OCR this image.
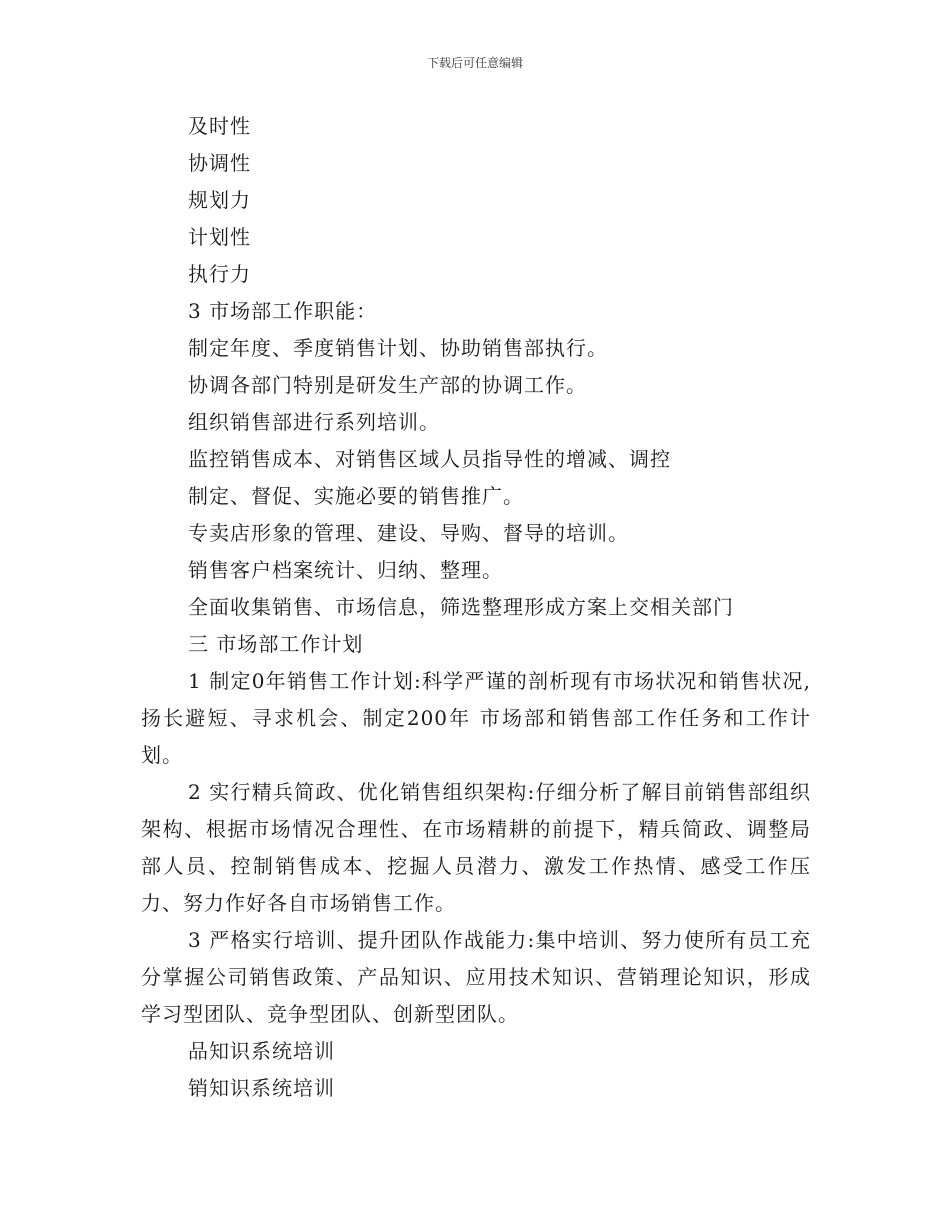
下载后可任意编辑

及时性

协调性

规划力

计划性

执行力

3 市场部工作职能：

制定年度、季度销售计划、协助销售部执行。

协调各部门特别是研发生产部的协调工作。

组织销售部进行系列培训。

监控销售成本、对销售区域人员指导性的增减、调控

制定、督促、实施必要的销售推广。

专卖店形象的管理、建设、导购、督导的培训。

销售客户档案统计、归纳、整理。

全面收集销售、市场信息，筛选整理形成方案上交相关部门

三 市场部工作计划

1 制定0年销售工作计划:科学严谨的剖析现有市场状况和销售状况,扬长避短、寻求机会、制定200年 市场部和销售部工作任务和工作计划。

2 实行精兵简政、优化销售组织架构:仔细分析了解目前销售部组织架构、根据市场情况合理性、在市场精耕的前提下，精兵简政、调整局部人员、控制销售成本、挖掘人员潜力、激发工作热情、感受工作压力、努力作好各自市场销售工作。

3 严格实行培训、提升团队作战能力:集中培训、努力使所有员工充分掌握公司销售政策、产品知识、应用技术知识、营销理论知识，形成学习型团队、竞争型团队、创新型团队。

品知识系统培训

销知识系统培训
